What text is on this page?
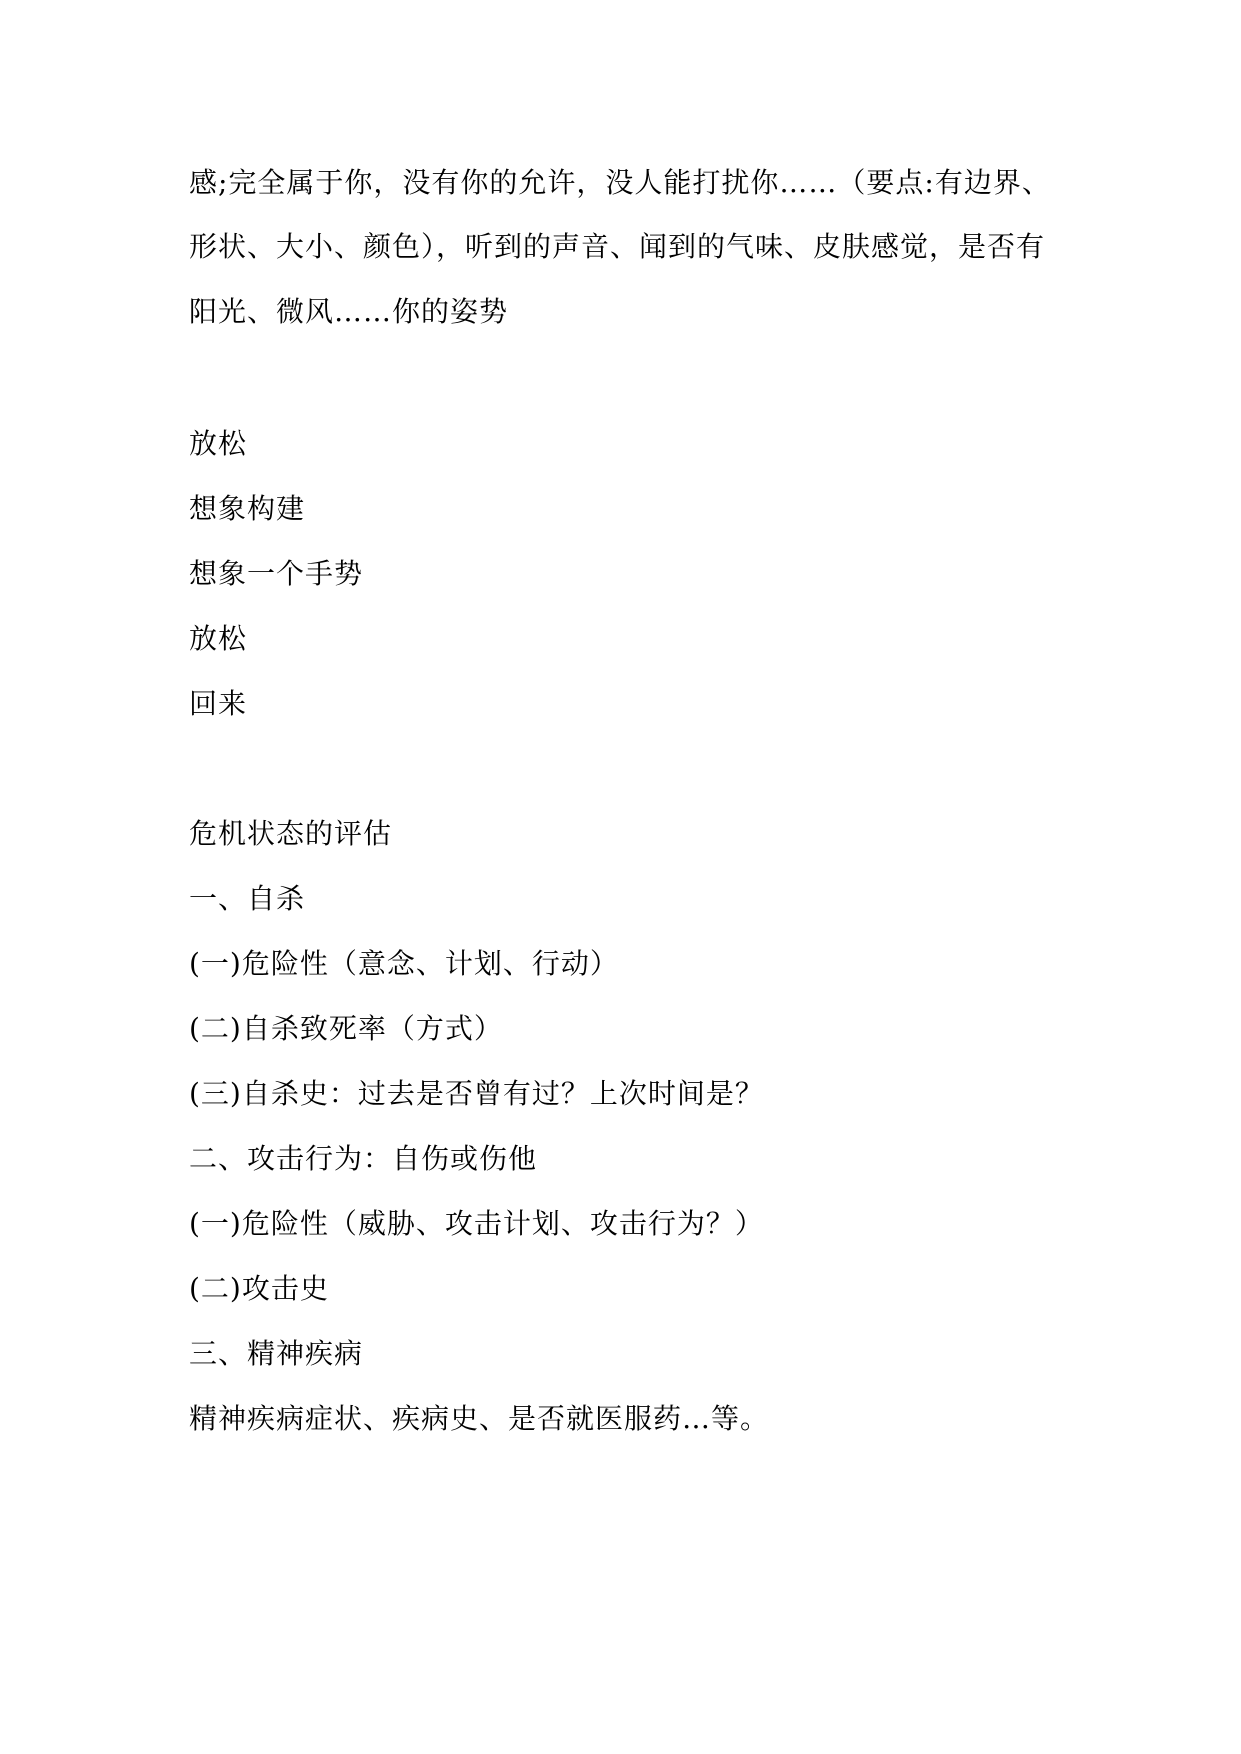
感;完全属于你，没有你的允许，没人能打扰你……（要点:有边界、
形状、大小、颜色），听到的声音、闻到的气味、皮肤感觉，是否有
阳光、微风……你的姿势
放松
想象构建
想象一个手势
放松
回来
危机状态的评估
一、自杀
(一)危险性（意念、计划、行动）
(二)自杀致死率（方式）
(三)自杀史：过去是否曾有过？上次时间是？
二、攻击行为：自伤或伤他
(一)危险性（威胁、攻击计划、攻击行为？）
(二)攻击史
三、精神疾病
精神疾病症状、疾病史、是否就医服药…等。
